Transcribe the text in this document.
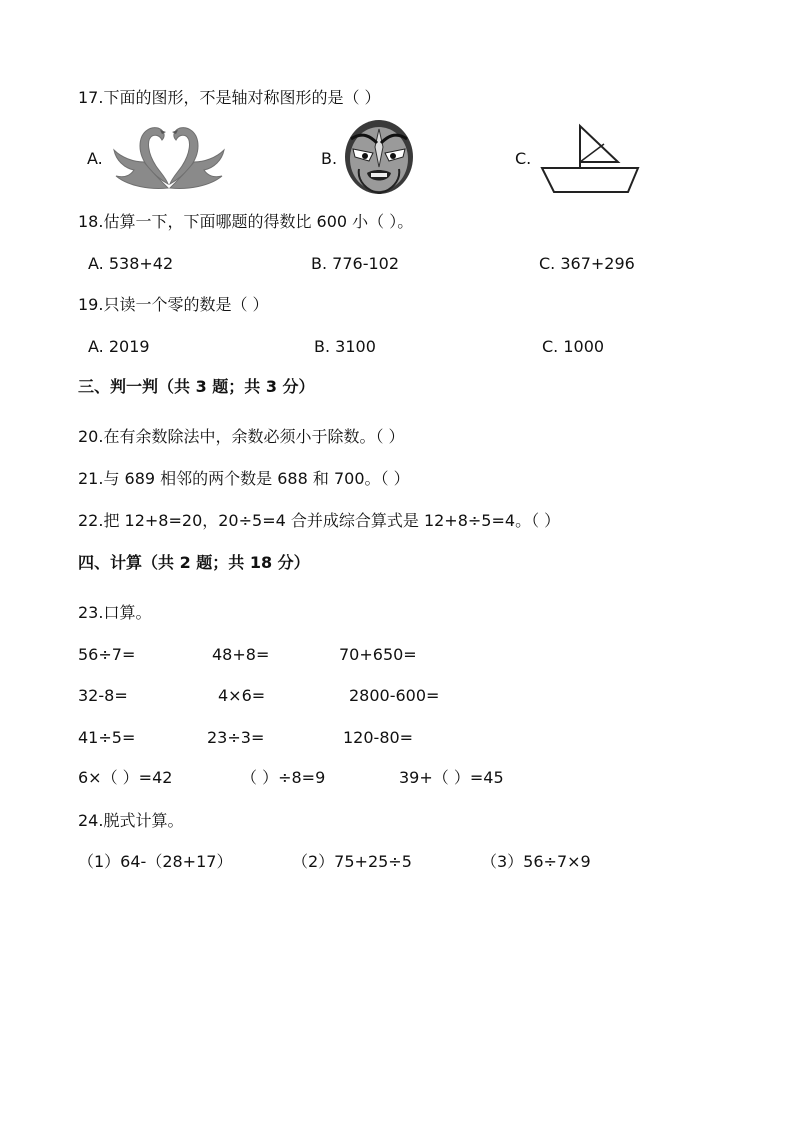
17.下面的图形，不是轴对称图形的是（ ）
A.	B.	C.
18.估算一下，下面哪题的得数比 600 小（ ）。
A. 538+42	B. 776-102	C. 367+296
19.只读一个零的数是（ ）
A. 2019	B. 3100	C. 1000
三、判一判（共 3 题；共 3 分）
20.在有余数除法中，余数必须小于除数。（ ）
21.与 689 相邻的两个数是 688 和 700。（ ）
22.把 12+8=20，20÷5=4 合并成综合算式是 12+8÷5=4。（ ）
四、计算（共 2 题；共 18 分）
23.口算。
56÷7=	48+8=	70+650=
32-8=	4×6=	2800-600=
41÷5=	23÷3=	120-80=
6×（ ）=42	（ ）÷8=9	39+（ ）=45
24.脱式计算。
（1）64-（28+17）	（2）75+25÷5	（3）56÷7×9
